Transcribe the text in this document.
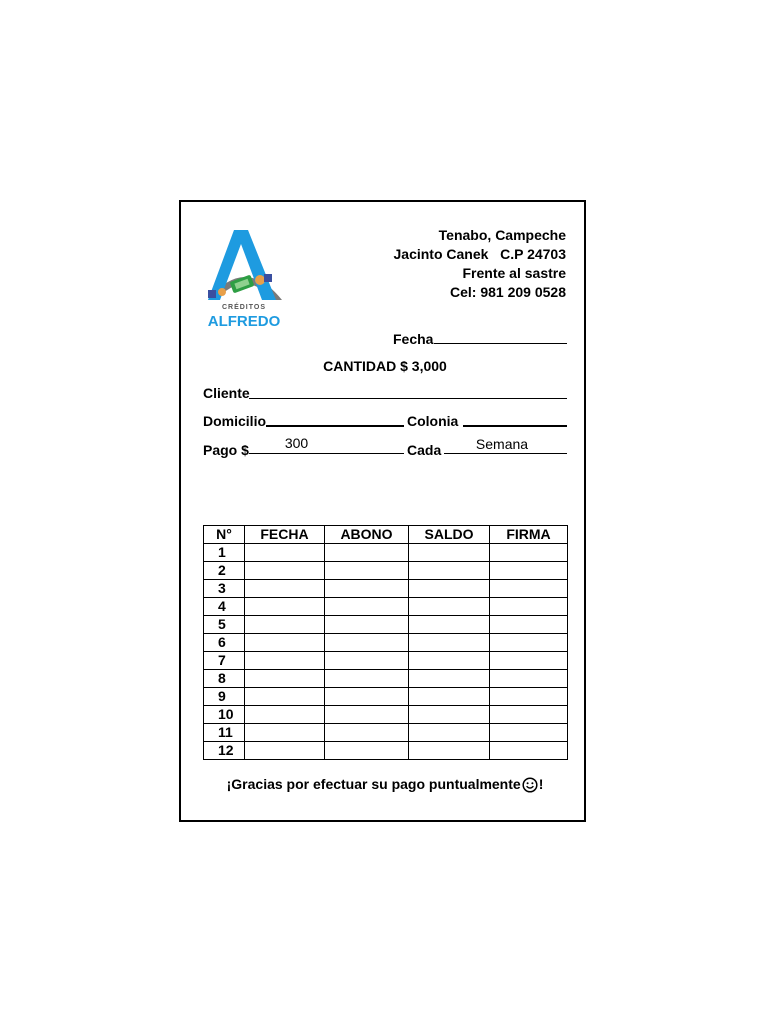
CRÉDITOS
ALFREDO
Tenabo, Campeche
Jacinto Canek   C.P 24703
Frente al sastre
Cel: 981 209 0528
Fecha
CANTIDAD $ 3,000
Cliente
Domicilio	Colonia
Pago $	300	Cada	Semana
N°	FECHA	ABONO	SALDO	FIRMA
1				
2				
3				
4				
5				
6				
7				
8				
9				
10				
11				
12				
¡Gracias por efectuar su pago puntualmente !
